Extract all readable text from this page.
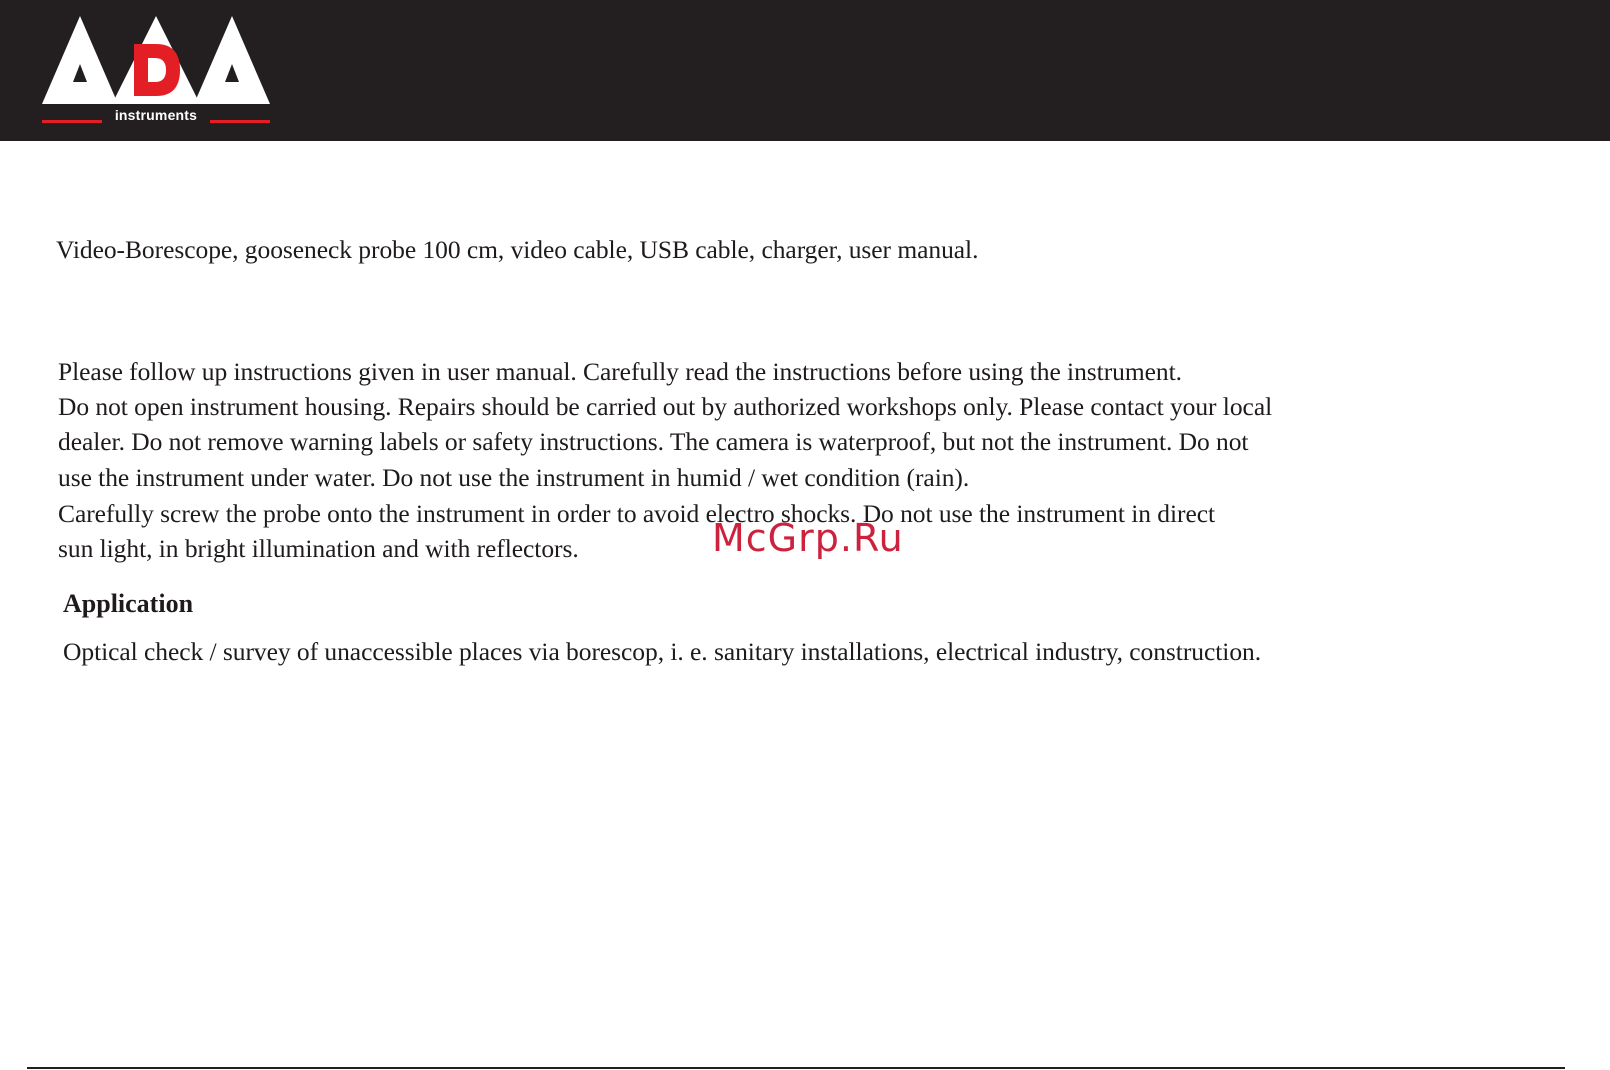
instruments
Video-Borescope, gooseneck probe 100 cm, video cable, USB cable, charger, user manual.
Please follow up instructions given in user manual. Carefully read the instructions before using the instrument.
Do not open instrument housing. Repairs should be carried out by authorized workshops only. Please contact your local
dealer. Do not remove warning labels or safety instructions. The camera is waterproof, but not the instrument. Do not
use the instrument under water. Do not use the instrument in humid / wet condition (rain).
Carefully screw the probe onto the instrument in order to avoid electro shocks. Do not use the instrument in direct
sun light, in bright illumination and with reflectors.
Application
Optical check / survey of unaccessible places via borescop, i. e. sanitary installations, electrical industry, construction.
McGrp.Ru
